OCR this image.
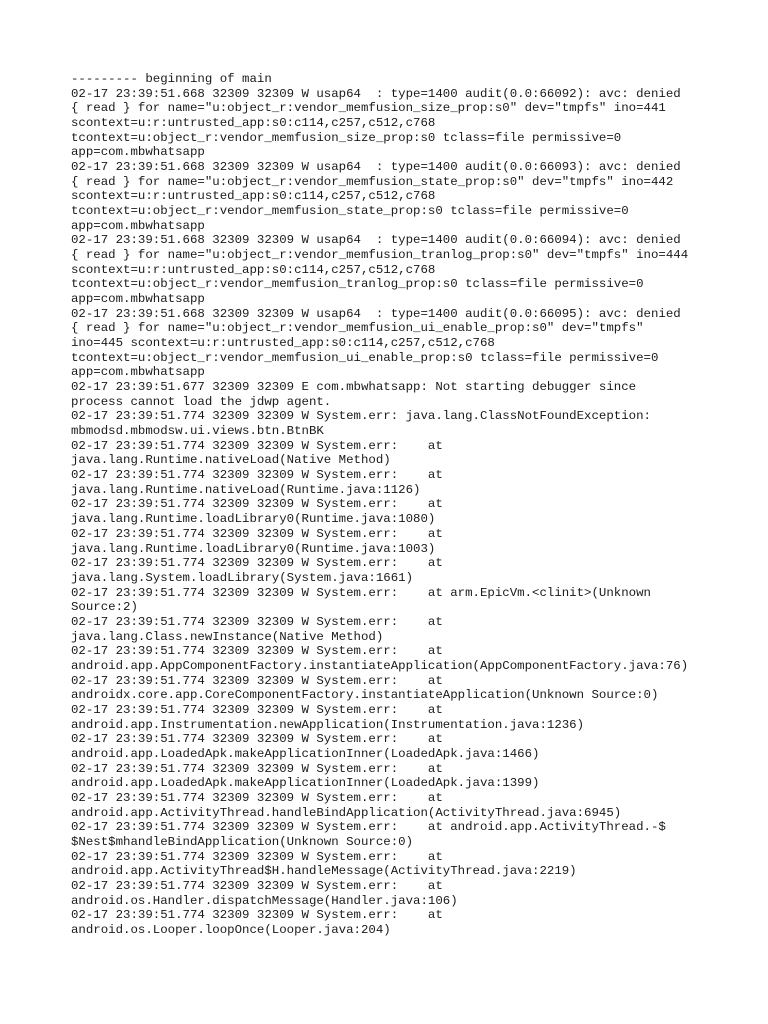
--------- beginning of main
02-17 23:39:51.668 32309 32309 W usap64  : type=1400 audit(0.0:66092): avc: denied
{ read } for name="u:object_r:vendor_memfusion_size_prop:s0" dev="tmpfs" ino=441
scontext=u:r:untrusted_app:s0:c114,c257,c512,c768
tcontext=u:object_r:vendor_memfusion_size_prop:s0 tclass=file permissive=0
app=com.mbwhatsapp
02-17 23:39:51.668 32309 32309 W usap64  : type=1400 audit(0.0:66093): avc: denied
{ read } for name="u:object_r:vendor_memfusion_state_prop:s0" dev="tmpfs" ino=442
scontext=u:r:untrusted_app:s0:c114,c257,c512,c768
tcontext=u:object_r:vendor_memfusion_state_prop:s0 tclass=file permissive=0
app=com.mbwhatsapp
02-17 23:39:51.668 32309 32309 W usap64  : type=1400 audit(0.0:66094): avc: denied
{ read } for name="u:object_r:vendor_memfusion_tranlog_prop:s0" dev="tmpfs" ino=444
scontext=u:r:untrusted_app:s0:c114,c257,c512,c768
tcontext=u:object_r:vendor_memfusion_tranlog_prop:s0 tclass=file permissive=0
app=com.mbwhatsapp
02-17 23:39:51.668 32309 32309 W usap64  : type=1400 audit(0.0:66095): avc: denied
{ read } for name="u:object_r:vendor_memfusion_ui_enable_prop:s0" dev="tmpfs"
ino=445 scontext=u:r:untrusted_app:s0:c114,c257,c512,c768
tcontext=u:object_r:vendor_memfusion_ui_enable_prop:s0 tclass=file permissive=0
app=com.mbwhatsapp
02-17 23:39:51.677 32309 32309 E com.mbwhatsapp: Not starting debugger since
process cannot load the jdwp agent.
02-17 23:39:51.774 32309 32309 W System.err: java.lang.ClassNotFoundException:
mbmodsd.mbmodsw.ui.views.btn.BtnBK
02-17 23:39:51.774 32309 32309 W System.err:    at
java.lang.Runtime.nativeLoad(Native Method)
02-17 23:39:51.774 32309 32309 W System.err:    at
java.lang.Runtime.nativeLoad(Runtime.java:1126)
02-17 23:39:51.774 32309 32309 W System.err:    at
java.lang.Runtime.loadLibrary0(Runtime.java:1080)
02-17 23:39:51.774 32309 32309 W System.err:    at
java.lang.Runtime.loadLibrary0(Runtime.java:1003)
02-17 23:39:51.774 32309 32309 W System.err:    at
java.lang.System.loadLibrary(System.java:1661)
02-17 23:39:51.774 32309 32309 W System.err:    at arm.EpicVm.<clinit>(Unknown
Source:2)
02-17 23:39:51.774 32309 32309 W System.err:    at
java.lang.Class.newInstance(Native Method)
02-17 23:39:51.774 32309 32309 W System.err:    at
android.app.AppComponentFactory.instantiateApplication(AppComponentFactory.java:76)
02-17 23:39:51.774 32309 32309 W System.err:    at
androidx.core.app.CoreComponentFactory.instantiateApplication(Unknown Source:0)
02-17 23:39:51.774 32309 32309 W System.err:    at
android.app.Instrumentation.newApplication(Instrumentation.java:1236)
02-17 23:39:51.774 32309 32309 W System.err:    at
android.app.LoadedApk.makeApplicationInner(LoadedApk.java:1466)
02-17 23:39:51.774 32309 32309 W System.err:    at
android.app.LoadedApk.makeApplicationInner(LoadedApk.java:1399)
02-17 23:39:51.774 32309 32309 W System.err:    at
android.app.ActivityThread.handleBindApplication(ActivityThread.java:6945)
02-17 23:39:51.774 32309 32309 W System.err:    at android.app.ActivityThread.-$
$Nest$mhandleBindApplication(Unknown Source:0)
02-17 23:39:51.774 32309 32309 W System.err:    at
android.app.ActivityThread$H.handleMessage(ActivityThread.java:2219)
02-17 23:39:51.774 32309 32309 W System.err:    at
android.os.Handler.dispatchMessage(Handler.java:106)
02-17 23:39:51.774 32309 32309 W System.err:    at
android.os.Looper.loopOnce(Looper.java:204)
